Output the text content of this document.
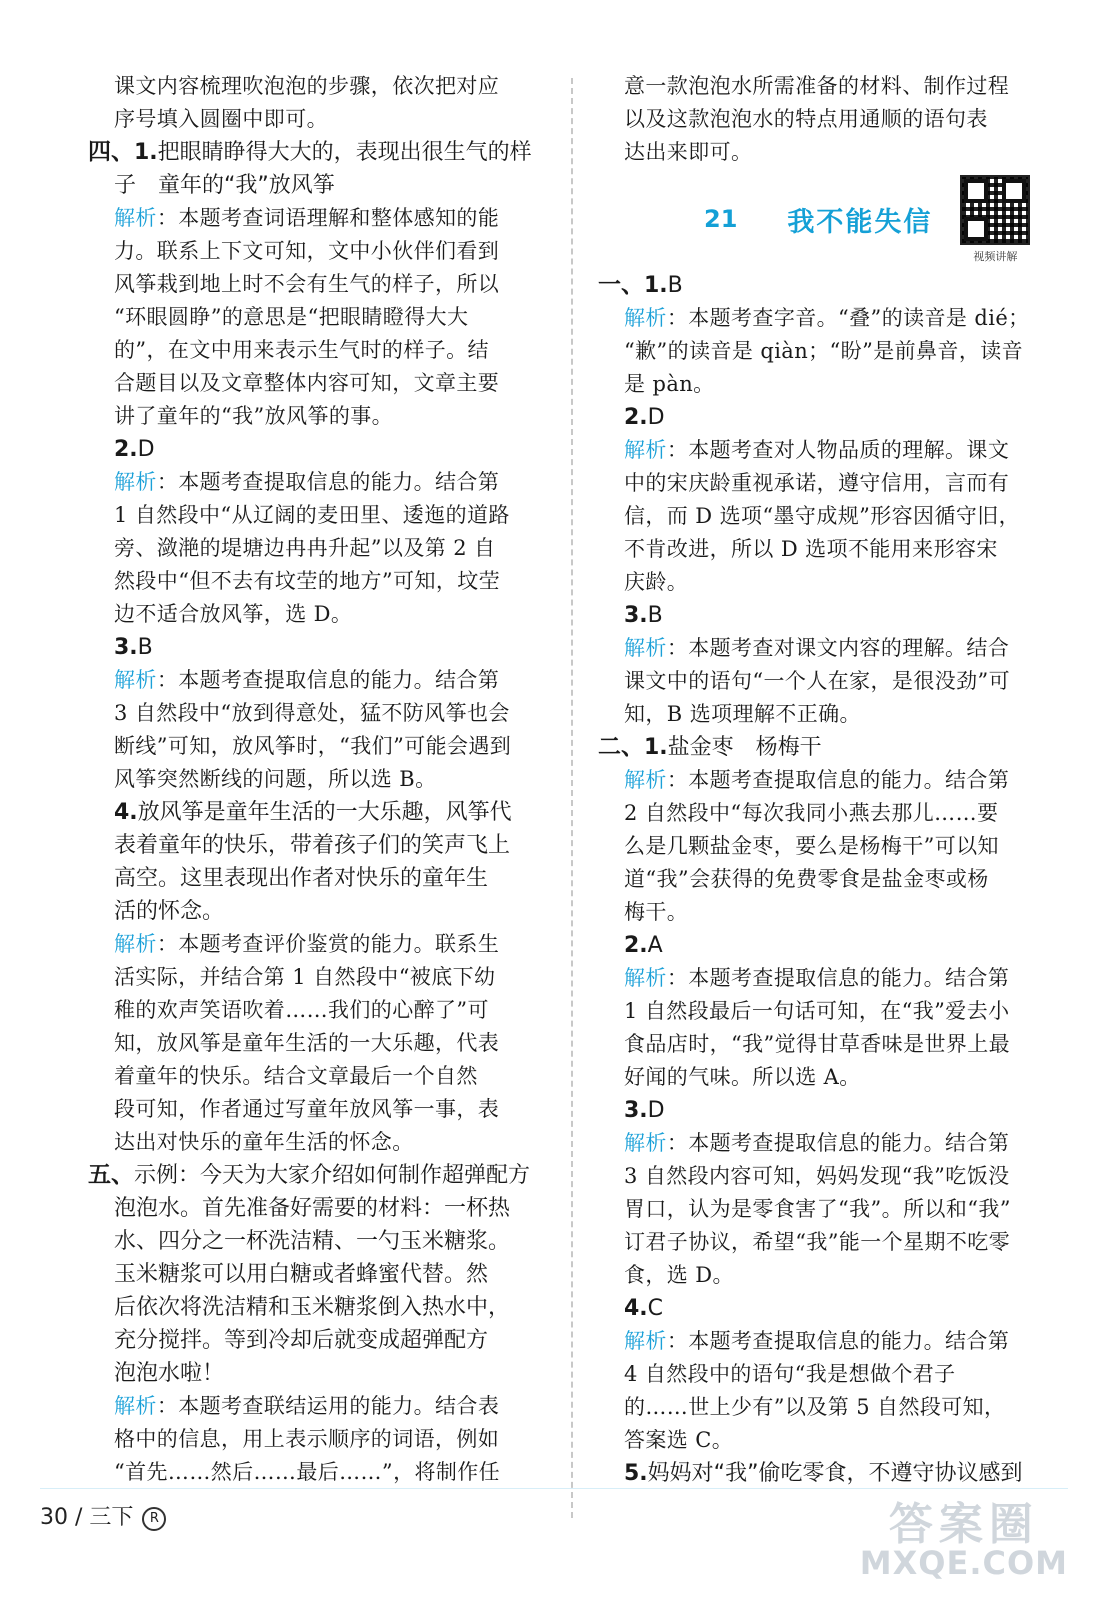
课文内容梳理吹泡泡的步骤，依次把对应

序号填入圆圈中即可。

四、1.把眼睛睁得大大的，表现出很生气的样

子　童年的“我”放风筝

解析：本题考查词语理解和整体感知的能

力。联系上下文可知，文中小伙伴们看到

风筝栽到地上时不会有生气的样子，所以

“环眼圆睁”的意思是“把眼睛瞪得大大

的”，在文中用来表示生气时的样子。结

合题目以及文章整体内容可知，文章主要

讲了童年的“我”放风筝的事。

2.D

解析：本题考查提取信息的能力。结合第

1 自然段中“从辽阔的麦田里、逶迤的道路

旁、潋滟的堤塘边冉冉升起”以及第 2 自

然段中“但不去有坟茔的地方”可知，坟茔

边不适合放风筝，选 D。

3.B

解析：本题考查提取信息的能力。结合第

3 自然段中“放到得意处，猛不防风筝也会

断线”可知，放风筝时，“我们”可能会遇到

风筝突然断线的问题，所以选 B。

4.放风筝是童年生活的一大乐趣，风筝代

表着童年的快乐，带着孩子们的笑声飞上

高空。这里表现出作者对快乐的童年生

活的怀念。

解析：本题考查评价鉴赏的能力。联系生

活实际，并结合第 1 自然段中“被底下幼

稚的欢声笑语吹着……我们的心醉了”可

知，放风筝是童年生活的一大乐趣，代表

着童年的快乐。结合文章最后一个自然

段可知，作者通过写童年放风筝一事，表

达出对快乐的童年生活的怀念。

五、示例：今天为大家介绍如何制作超弹配方

泡泡水。首先准备好需要的材料：一杯热

水、四分之一杯洗洁精、一勺玉米糖浆。

玉米糖浆可以用白糖或者蜂蜜代替。然

后依次将洗洁精和玉米糖浆倒入热水中，

充分搅拌。等到冷却后就变成超弹配方

泡泡水啦！

解析：本题考查联结运用的能力。结合表

格中的信息，用上表示顺序的词语，例如

“首先……然后……最后……”，将制作任

意一款泡泡水所需准备的材料、制作过程

以及这款泡泡水的特点用通顺的语句表

达出来即可。

21 我不能失信
视频讲解

一、1.B

解析：本题考查字音。“叠”的读音是 dié；

“歉”的读音是 qiàn；“盼”是前鼻音，读音

是 pàn。

2.D

解析：本题考查对人物品质的理解。课文

中的宋庆龄重视承诺，遵守信用，言而有

信，而 D 选项“墨守成规”形容因循守旧，

不肯改进，所以 D 选项不能用来形容宋

庆龄。

3.B

解析：本题考查对课文内容的理解。结合

课文中的语句“一个人在家，是很没劲”可

知，B 选项理解不正确。

二、1.盐金枣　杨梅干

解析：本题考查提取信息的能力。结合第

2 自然段中“每次我同小燕去那儿……要

么是几颗盐金枣，要么是杨梅干”可以知

道“我”会获得的免费零食是盐金枣或杨

梅干。

2.A

解析：本题考查提取信息的能力。结合第

1 自然段最后一句话可知，在“我”爱去小

食品店时，“我”觉得甘草香味是世界上最

好闻的气味。所以选 A。

3.D

解析：本题考查提取信息的能力。结合第

3 自然段内容可知，妈妈发现“我”吃饭没

胃口，认为是零食害了“我”。所以和“我”

订君子协议，希望“我”能一个星期不吃零

食，选 D。

4.C

解析：本题考查提取信息的能力。结合第

4 自然段中的语句“我是想做个君子

的……世上少有”以及第 5 自然段可知，

答案选 C。

5.妈妈对“我”偷吃零食，不遵守协议感到

30 / 三下 R	答案圈
MXQE.COM
